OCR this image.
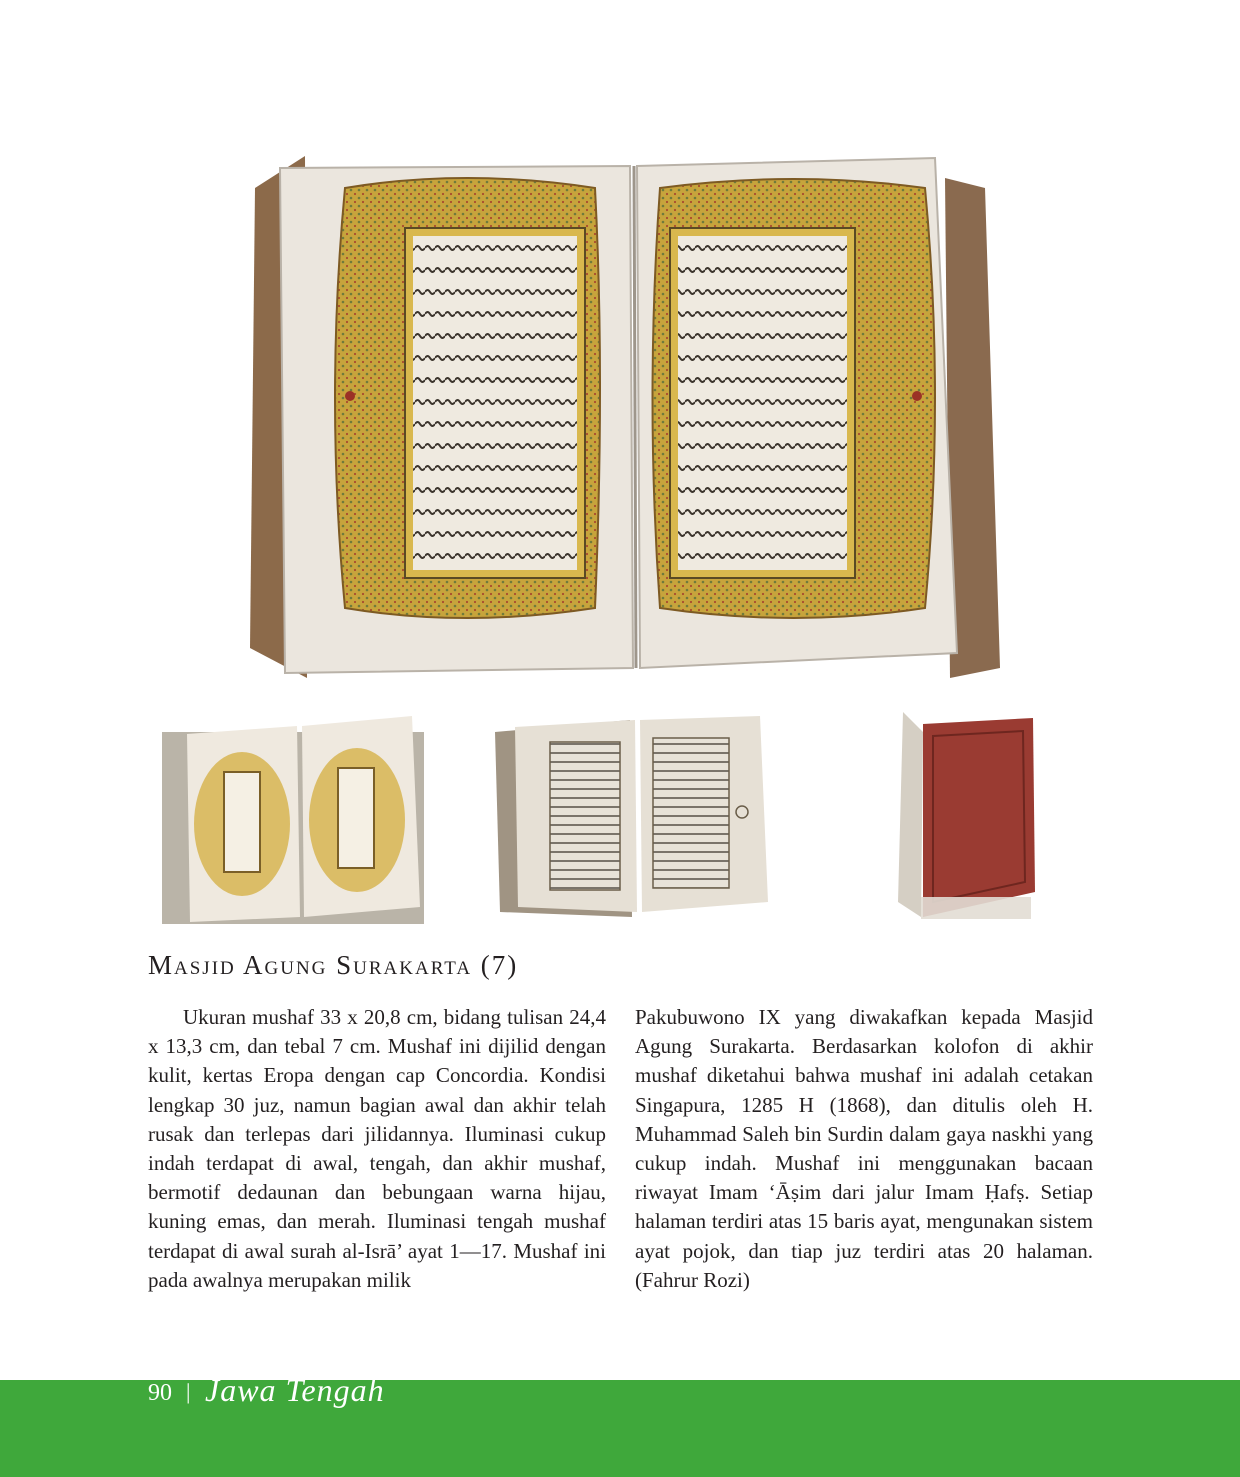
Masjid Agung Surakarta (7)

Ukuran mushaf 33 x 20,8 cm, bidang tulisan 24,4 x 13,3 cm, dan tebal 7 cm. Mushaf ini dijilid dengan kulit, kertas Eropa dengan cap Concordia. Kondisi lengkap 30 juz, namun bagian awal dan akhir telah rusak dan terlepas dari jilidannya. Iluminasi cukup indah terdapat di awal, tengah, dan akhir mushaf, bermotif dedaunan dan bebungaan warna hijau, kuning emas, dan merah. Iluminasi tengah mushaf terdapat di awal surah al-Isrā’ ayat 1—17. Mushaf ini pada awalnya merupakan milik

Pakubuwono IX yang diwakafkan kepada Masjid Agung Surakarta. Berdasarkan kolofon di akhir mushaf diketahui bahwa mushaf ini adalah cetakan Singapura, 1285 H (1868), dan ditulis oleh H. Muhammad Saleh bin Surdin dalam gaya naskhi yang cukup indah. Mushaf ini menggunakan bacaan riwayat Imam ‘Āṣim dari jalur Imam Ḥafṣ. Setiap halaman terdiri atas 15 baris ayat, mengunakan sistem ayat pojok, dan tiap juz terdiri atas 20 halaman. (Fahrur Rozi)

90 | Jawa Tengah
